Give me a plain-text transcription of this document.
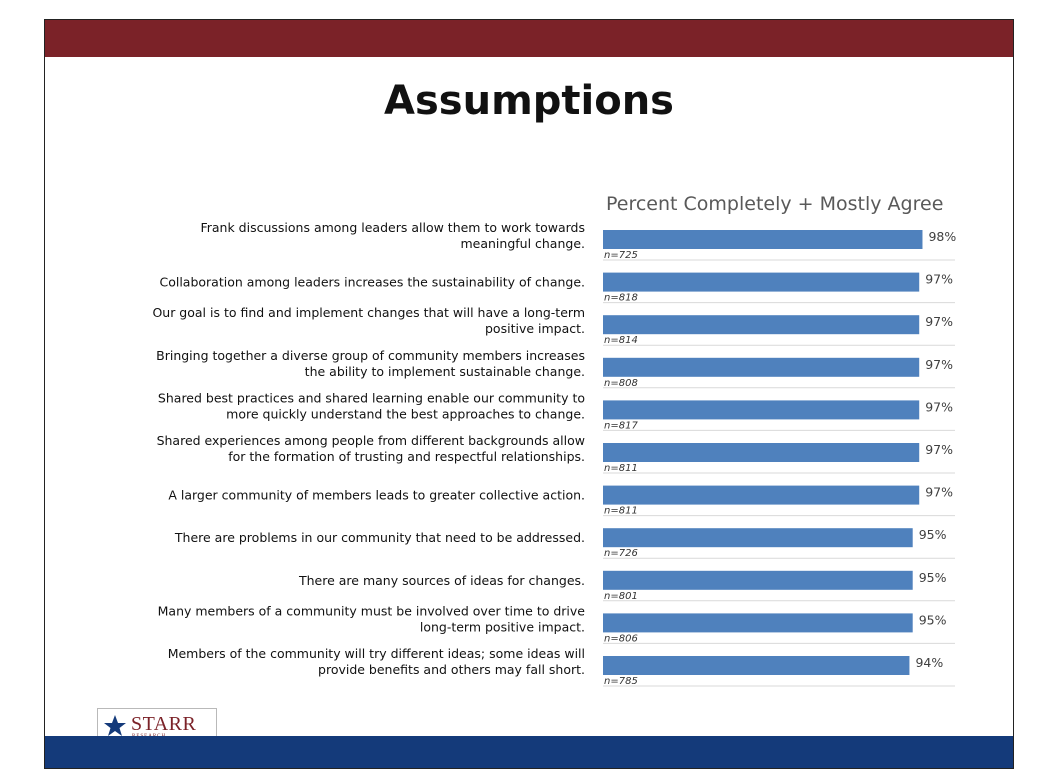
Assumptions
Percent Completely + Mostly Agree
98%
n=725
Frank discussions among leaders allow them to work towards meaningful change.
97%
n=818
Collaboration among leaders increases the sustainability of change.
97%
n=814
Our goal is to find and implement changes that will have a long-term positive impact.
97%
n=808
Bringing together a diverse group of community members increases the ability to implement sustainable change.
97%
n=817
Shared best practices and shared learning enable our community to more quickly understand the best approaches to change.
97%
n=811
Shared experiences among people from different backgrounds allow for the formation of trusting and respectful relationships.
97%
n=811
A larger community of members leads to greater collective action.
95%
n=726
There are problems in our community that need to be addressed.
95%
n=801
There are many sources of ideas for changes.
95%
n=806
Many members of a community must be involved over time to drive long-term positive impact.
94%
n=785
Members of the community will try different ideas; some ideas will provide benefits and others may fall short.
STARR
